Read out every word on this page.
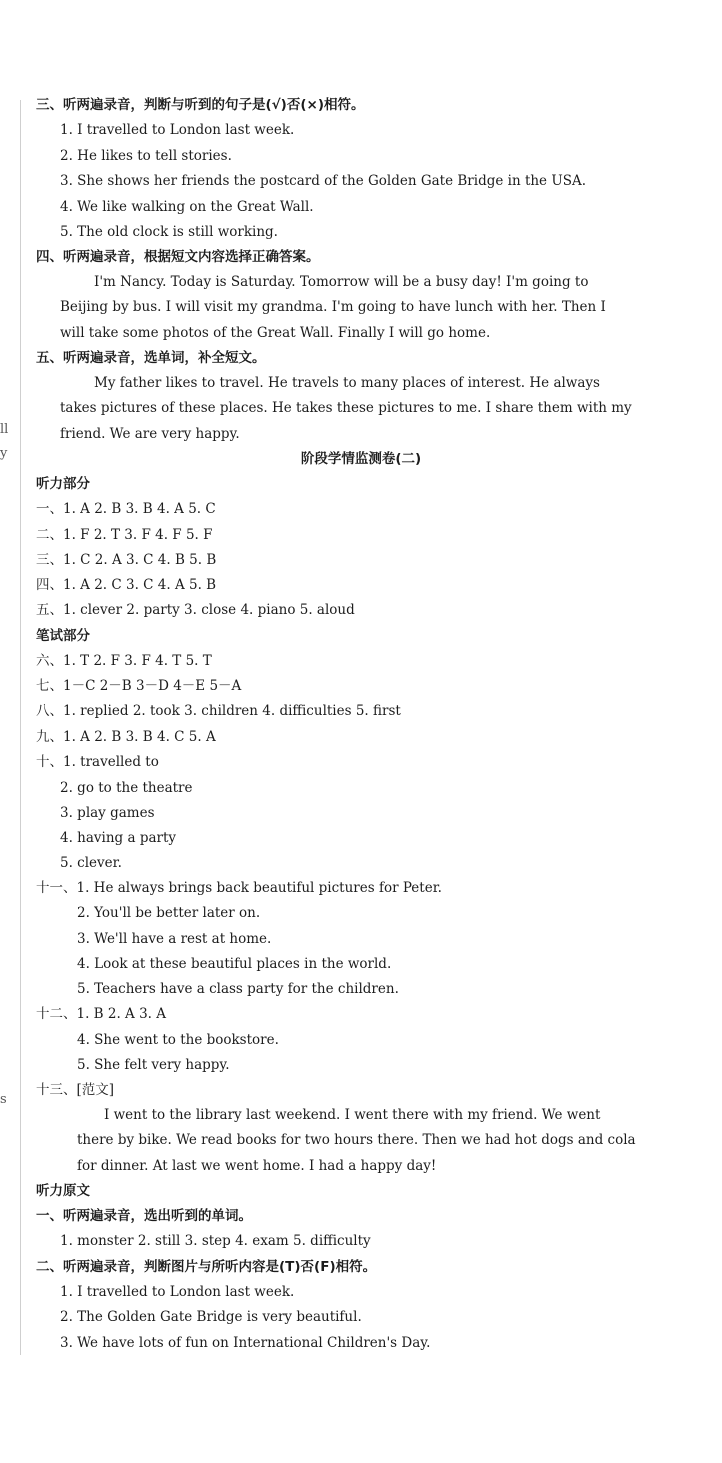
ll
y
s
三、听两遍录音，判断与听到的句子是(√)否(×)相符。
1. I travelled to London last week.
2. He likes to tell stories.
3. She shows her friends the postcard of the Golden Gate Bridge in the USA.
4. We like walking on the Great Wall.
5. The old clock is still working.
四、听两遍录音，根据短文内容选择正确答案。
I'm Nancy. Today is Saturday. Tomorrow will be a busy day! I'm going to
Beijing by bus. I will visit my grandma. I'm going to have lunch with her. Then I
will take some photos of the Great Wall. Finally I will go home.
五、听两遍录音，选单词，补全短文。
My father likes to travel. He travels to many places of interest. He always
takes pictures of these places. He takes these pictures to me. I share them with my
friend. We are very happy.
阶段学情监测卷(二)
听力部分
一、1. A 2. B 3. B 4. A 5. C
二、1. F 2. T 3. F 4. F 5. F
三、1. C 2. A 3. C 4. B 5. B
四、1. A 2. C 3. C 4. A 5. B
五、1. clever 2. party 3. close 4. piano 5. aloud
笔试部分
六、1. T 2. F 3. F 4. T 5. T
七、1－C 2－B 3－D 4－E 5－A
八、1. replied 2. took 3. children 4. difficulties 5. first
九、1. A 2. B 3. B 4. C 5. A
十、1. travelled to
2. go to the theatre
3. play games
4. having a party
5. clever.
十一、1. He always brings back beautiful pictures for Peter.
2. You'll be better later on.
3. We'll have a rest at home.
4. Look at these beautiful places in the world.
5. Teachers have a class party for the children.
十二、1. B 2. A 3. A
4. She went to the bookstore.
5. She felt very happy.
十三、[范文]
I went to the library last weekend. I went there with my friend. We went
there by bike. We read books for two hours there. Then we had hot dogs and cola
for dinner. At last we went home. I had a happy day!
听力原文
一、听两遍录音，选出听到的单词。
1. monster 2. still 3. step 4. exam 5. difficulty
二、听两遍录音，判断图片与所听内容是(T)否(F)相符。
1. I travelled to London last week.
2. The Golden Gate Bridge is very beautiful.
3. We have lots of fun on International Children's Day.
